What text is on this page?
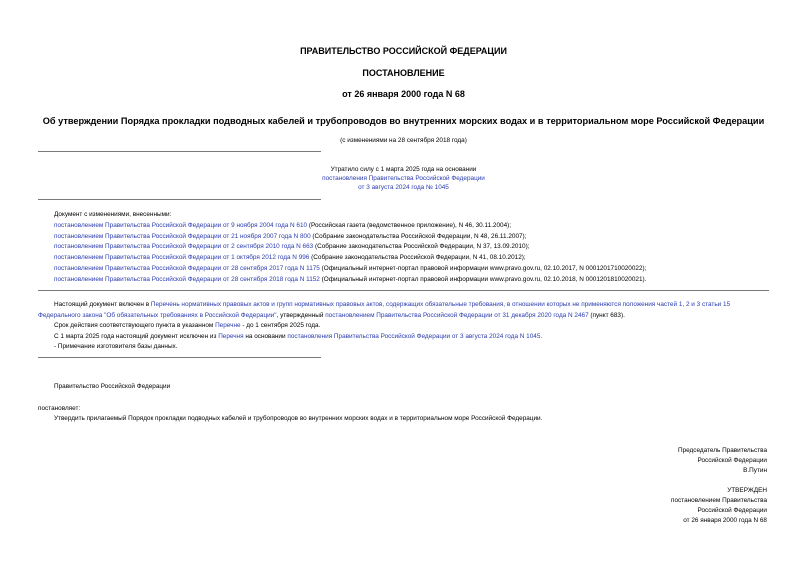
ПРАВИТЕЛЬСТВО РОССИЙСКОЙ ФЕДЕРАЦИИ
ПОСТАНОВЛЕНИЕ
от 26 января 2000 года N 68
Об утверждении Порядка прокладки подводных кабелей и трубопроводов во внутренних морских водах и в территориальном море Российской Федерации
(с изменениями на 28 сентября 2018 года)
Утратило силу с 1 марта 2025 года на основании
постановления Правительства Российской Федерации
от 3 августа 2024 года № 1045
Документ с изменениями, внесенными:
постановлением Правительства Российской Федерации от 9 ноября 2004 года N 610 (Российская газета (ведомственное приложение), N 46, 30.11.2004);
постановлением Правительства Российской Федерации от 21 ноября 2007 года N 800 (Собрание законодательства Российской Федерации, N 48, 26.11.2007);
постановлением Правительства Российской Федерации от 2 сентября 2010 года N 663 (Собрание законодательства Российской Федерации, N 37, 13.09.2010);
постановлением Правительства Российской Федерации от 1 октября 2012 года N 996 (Собрание законодательства Российской Федерации, N 41, 08.10.2012);
постановлением Правительства Российской Федерации от 28 сентября 2017 года N 1175 (Официальный интернет-портал правовой информации www.pravo.gov.ru, 02.10.2017, N 0001201710020022);
постановлением Правительства Российской Федерации от 28 сентября 2018 года N 1152 (Официальный интернет-портал правовой информации www.pravo.gov.ru, 02.10.2018, N 0001201810020021).

Настоящий документ включен в Перечень нормативных правовых актов и групп нормативных правовых актов, содержащих обязательные требования, в отношении которых не применяются положения частей 1, 2 и 3 статьи 15 Федерального закона "Об обязательных требованиях в Российской Федерации", утвержденный постановлением Правительства Российской Федерации от 31 декабря 2020 года N 2467 (пункт 683).

Срок действия соответствующего пункта в указанном Перечне - до 1 сентября 2025 года.

С 1 марта 2025 года настоящий документ исключен из Перечня на основании постановления Правительства Российской Федерации от 3 августа 2024 года N 1045.

- Примечание изготовителя базы данных.

Правительство Российской Федерации
постановляет:
Утвердить прилагаемый Порядок прокладки подводных кабелей и трубопроводов во внутренних морских водах и в территориальном море Российской Федерации.
Председатель Правительства
Российской Федерации
В.Путин
УТВЕРЖДЕН
постановлением Правительства
Российской Федерации
от 26 января 2000 года N 68
